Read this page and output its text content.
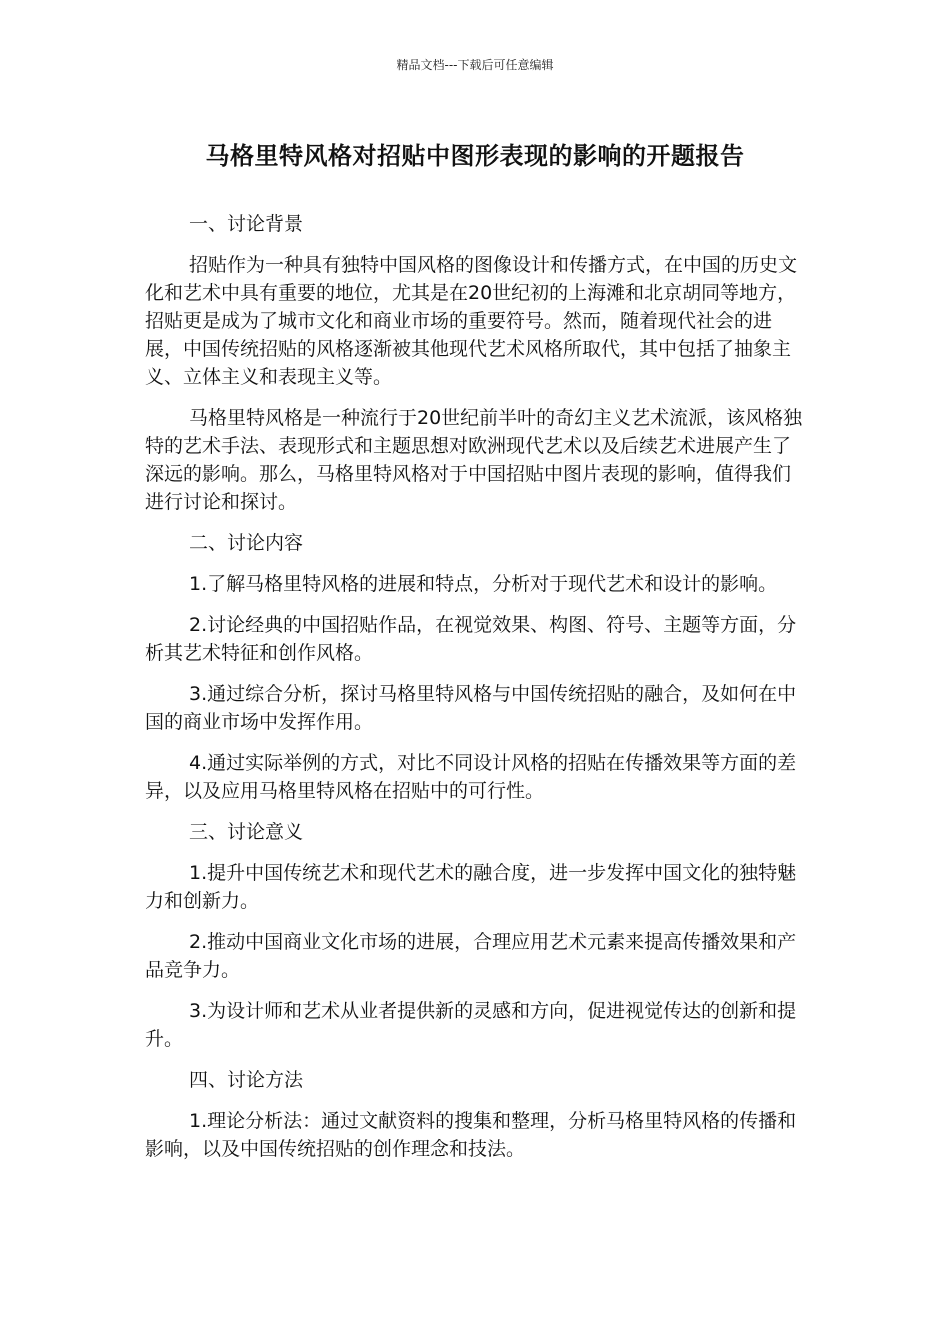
精品文档---下载后可任意编辑
马格里特风格对招贴中图形表现的影响的开题报告

一、讨论背景

招贴作为一种具有独特中国风格的图像设计和传播方式，在中国的历史文化和艺术中具有重要的地位，尤其是在20世纪初的上海滩和北京胡同等地方，招贴更是成为了城市文化和商业市场的重要符号。然而，随着现代社会的进展，中国传统招贴的风格逐渐被其他现代艺术风格所取代，其中包括了抽象主义、立体主义和表现主义等。

马格里特风格是一种流行于20世纪前半叶的奇幻主义艺术流派，该风格独特的艺术手法、表现形式和主题思想对欧洲现代艺术以及后续艺术进展产生了深远的影响。那么，马格里特风格对于中国招贴中图片表现的影响，值得我们进行讨论和探讨。

二、讨论内容

1.了解马格里特风格的进展和特点，分析对于现代艺术和设计的影响。

2.讨论经典的中国招贴作品，在视觉效果、构图、符号、主题等方面，分析其艺术特征和创作风格。

3.通过综合分析，探讨马格里特风格与中国传统招贴的融合，及如何在中国的商业市场中发挥作用。

4.通过实际举例的方式，对比不同设计风格的招贴在传播效果等方面的差异，以及应用马格里特风格在招贴中的可行性。

三、讨论意义

1.提升中国传统艺术和现代艺术的融合度，进一步发挥中国文化的独特魅力和创新力。

2.推动中国商业文化市场的进展，合理应用艺术元素来提高传播效果和产品竞争力。

3.为设计师和艺术从业者提供新的灵感和方向，促进视觉传达的创新和提升。

四、讨论方法

1.理论分析法：通过文献资料的搜集和整理，分析马格里特风格的传播和影响，以及中国传统招贴的创作理念和技法。
